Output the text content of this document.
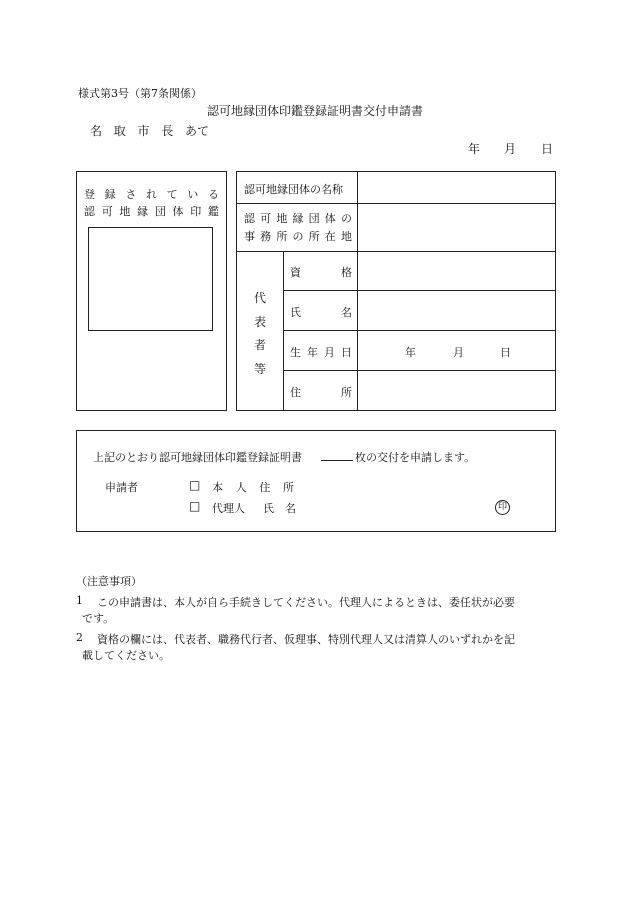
様式第3号（第7条関係）
認可地縁団体印鑑登録証明書交付申請書
名 取 市 長 あて
年 月 日
登 録 さ れ て い る
認 可 地 縁 団 体 印 鑑
認可地縁団体の名称
認 可 地 縁 団 体 の
事 務 所 の 所 在 地
代
表
者
等
資	格
氏	名
生 年 月 日	年	月	日
住	所
上記のとおり認可地縁団体印鑑登録証明書	枚の交付を申請します。
申請者	□ 本 人 住 所
□ 代理人 氏 名	印
（注意事項）
1 この申請書は、本人が自ら手続きしてください。代理人によるときは、委任状が必要
です。
2 資格の欄には、代表者、職務代行者、仮理事、特別代理人又は清算人のいずれかを記
載してください。
